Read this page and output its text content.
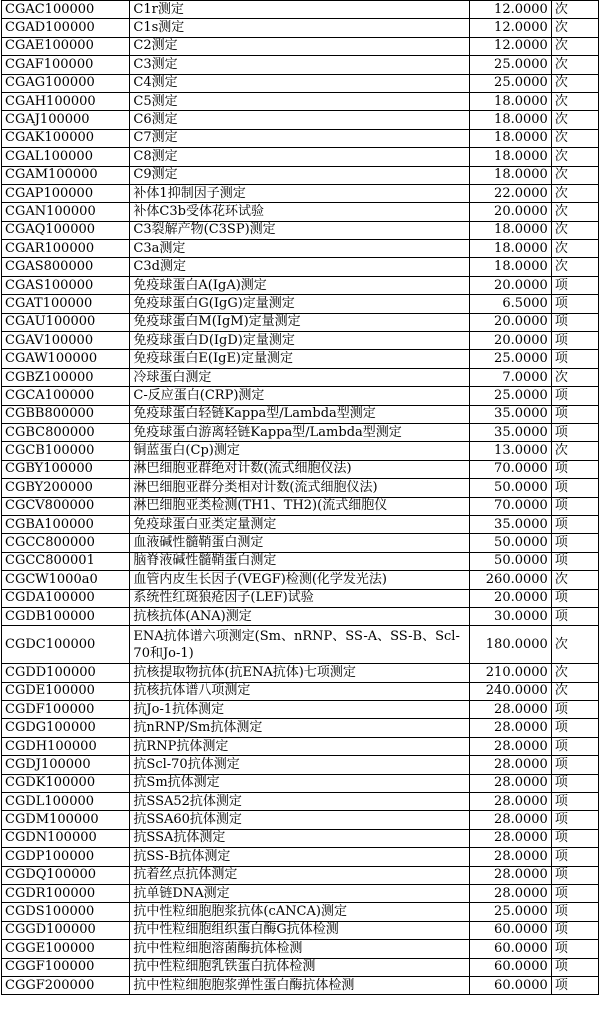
CGAC100000	C1r测定	12.0000	次
CGAD100000	C1s测定	12.0000	次
CGAE100000	C2测定	12.0000	次
CGAF100000	C3测定	25.0000	次
CGAG100000	C4测定	25.0000	次
CGAH100000	C5测定	18.0000	次
CGAJ100000	C6测定	18.0000	次
CGAK100000	C7测定	18.0000	次
CGAL100000	C8测定	18.0000	次
CGAM100000	C9测定	18.0000	次
CGAP100000	补体1抑制因子测定	22.0000	次
CGAN100000	补体C3b受体花环试验	20.0000	次
CGAQ100000	C3裂解产物(C3SP)测定	18.0000	次
CGAR100000	C3a测定	18.0000	次
CGAS800000	C3d测定	18.0000	次
CGAS100000	免疫球蛋白A(IgA)测定	20.0000	项
CGAT100000	免疫球蛋白G(IgG)定量测定	6.5000	项
CGAU100000	免疫球蛋白M(IgM)定量测定	20.0000	项
CGAV100000	免疫球蛋白D(IgD)定量测定	20.0000	项
CGAW100000	免疫球蛋白E(IgE)定量测定	25.0000	项
CGBZ100000	冷球蛋白测定	7.0000	次
CGCA100000	C-反应蛋白(CRP)测定	25.0000	项
CGBB800000	免疫球蛋白轻链Kappa型/Lambda型测定	35.0000	项
CGBC800000	免疫球蛋白游离轻链Kappa型/Lambda型测定	35.0000	项
CGCB100000	铜蓝蛋白(Cp)测定	13.0000	次
CGBY100000	淋巴细胞亚群绝对计数(流式细胞仪法)	70.0000	项
CGBY200000	淋巴细胞亚群分类相对计数(流式细胞仪法)	50.0000	项
CGCV800000	淋巴细胞亚类检测(TH1、TH2)(流式细胞仪	70.0000	项
CGBA100000	免疫球蛋白亚类定量测定	35.0000	项
CGCC800000	血液碱性髓鞘蛋白测定	50.0000	项
CGCC800001	脑脊液碱性髓鞘蛋白测定	50.0000	项
CGCW1000a0	血管内皮生长因子(VEGF)检测(化学发光法)	260.0000	次
CGDA100000	系统性红斑狼疮因子(LEF)试验	20.0000	项
CGDB100000	抗核抗体(ANA)测定	30.0000	项
CGDC100000	ENA抗体谱六项测定(Sm、nRNP、SS-A、SS-B、Scl-70和Jo-1)	180.0000	次
CGDD100000	抗核提取物抗体(抗ENA抗体)七项测定	210.0000	次
CGDE100000	抗核抗体谱八项测定	240.0000	次
CGDF100000	抗Jo-1抗体测定	28.0000	项
CGDG100000	抗nRNP/Sm抗体测定	28.0000	项
CGDH100000	抗RNP抗体测定	28.0000	项
CGDJ100000	抗Scl-70抗体测定	28.0000	项
CGDK100000	抗Sm抗体测定	28.0000	项
CGDL100000	抗SSA52抗体测定	28.0000	项
CGDM100000	抗SSA60抗体测定	28.0000	项
CGDN100000	抗SSA抗体测定	28.0000	项
CGDP100000	抗SS-B抗体测定	28.0000	项
CGDQ100000	抗着丝点抗体测定	28.0000	项
CGDR100000	抗单链DNA测定	28.0000	项
CGDS100000	抗中性粒细胞胞浆抗体(cANCA)测定	25.0000	项
CGGD100000	抗中性粒细胞组织蛋白酶G抗体检测	60.0000	项
CGGE100000	抗中性粒细胞溶菌酶抗体检测	60.0000	项
CGGF100000	抗中性粒细胞乳铁蛋白抗体检测	60.0000	项
CGGF200000	抗中性粒细胞胞浆弹性蛋白酶抗体检测	60.0000	项
